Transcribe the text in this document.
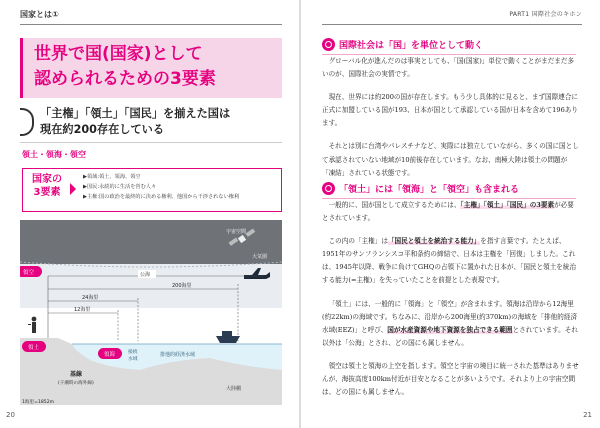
国家とは①
世界で国(国家)として
認められるための3要素
「主権」「領土」「国民」を揃えた国は
現在約200存在している
領土・領海・領空
国家の
3要素
▶領域:領土、領海、領空
▶国民:永続的に生活を営む人々
▶主権:国の政治を最終的に決める権利、他国から干渉されない権利
宇宙空間
大気圏
公海
200海里
24海里
12海里
領空
領土
領海	接続
水域
排他的経済水域
大陸棚
基線
(干潮時の海外線)
1海里=1852m
20
PART1 国際社会のキホン
国際社会は「国」を単位として動く

グローバル化が進んだのは事実としても、「国(国家)」単位で動くことがまだまだ多いのが、国際社会の実情です。

現在、世界には約200の国が存在します。もう少し具体的に見ると、まず国際連合に正式に加盟している国が193、日本が国として承認している国が日本を含めて196あります。

それとは別に台湾やパレスチナなど、実際には独立していながら、多くの国に国として承認されていない地域が10前後存在しています。なお、南極大陸は領土の問題が「凍結」されている状態です。

「領土」には「領海」と「領空」も含まれる

一般的に、国が国として成立するためには、「主権」「領土」「国民」の3要素が必要とされています。

この内の「主権」は「国民と領土を統治する能力」を指す言葉です。たとえば、1951年のサンフランシスコ平和条約の締結で、日本は主権を「回復」しました。これは、1945年以降、戦争に負けてGHQの占領下に置かれた日本が、「国民と領土を統治する能力(=主権)」を失っていたことを前提とした表現です。

「領土」には、一般的に「領海」と「領空」が含まれます。領海は沿岸から12海里(約22km)の海域です。ちなみに、沿岸から200海里(約370km)の海域を「排他的経済水域(EEZ)」と呼び、国が水産資源や地下資源を独占できる範囲とされています。それ以外は「公海」とされ、どの国にも属しません。

領空は領土と領海の上空を指します。領空と宇宙の境目に統一された基準はありませんが、海抜高度100km付近が目安となることが多いようです。それより上の宇宙空間は、どの国にも属しません。

21
